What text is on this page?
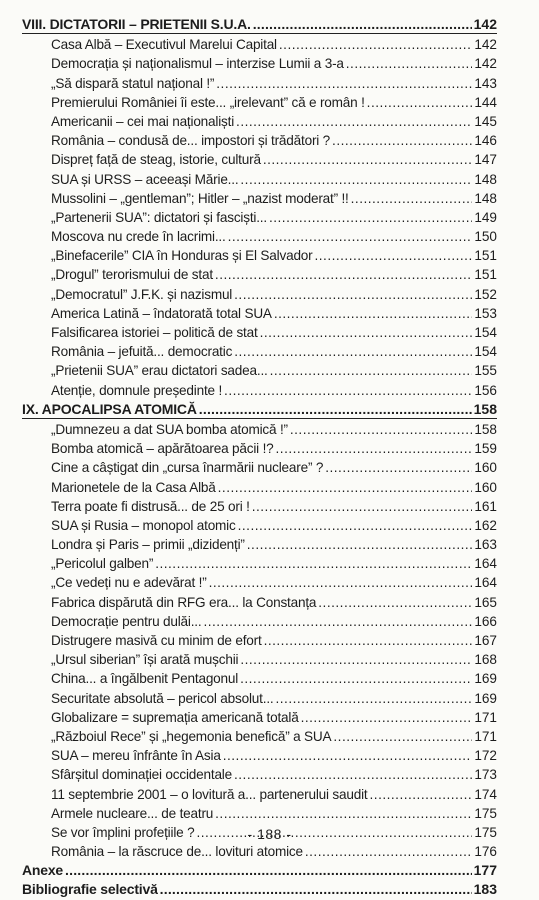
VIII. DICTATORII – PRIETENII S.U.A. .....	142
Casa Albă – Executivul Marelui Capital .....	142
Democrația și naționalismul – interzise Lumii a 3-a .....	142
„Să dispară statul național !” .....	143
Premierului României îi este... „irelevant” că e român ! .....	144
Americanii – cei mai naționaliști .....	145
România – condusă de... impostori și trădători ? .....	146
Dispreț față de steag, istorie, cultură .....	147
SUA și URSS – aceeași Mărie... .....	148
Mussolini – „gentleman”; Hitler – „nazist moderat” !! .....	148
„Partenerii SUA”: dictatori și fasciști... .....	149
Moscova nu crede în lacrimi... .....	150
„Binefacerile” CIA în Honduras și El Salvador .....	151
„Drogul” terorismului de stat .....	151
„Democratul” J.F.K. și nazismul .....	152
America Latină – îndatorată total SUA .....	153
Falsificarea istoriei – politică de stat .....	154
România – jefuită... democratic .....	154
„Prietenii SUA” erau dictatori sadea... .....	155
Atenție, domnule președinte ! .....	156
IX. APOCALIPSA ATOMICĂ .....	158
„Dumnezeu a dat SUA bomba atomică !” .....	158
Bomba atomică – apărătoarea păcii !? .....	159
Cine a câștigat din „cursa înarmării nucleare” ? .....	160
Marionetele de la Casa Albă .....	160
Terra poate fi distrusă... de 25 ori ! .....	161
SUA și Rusia – monopol atomic .....	162
Londra și Paris – primii „dizidenți” .....	163
„Pericolul galben” .....	164
„Ce vedeți nu e adevărat !” .....	164
Fabrica dispărută din RFG era... la Constanța .....	165
Democrație pentru dulăi... .....	166
Distrugere masivă cu minim de efort .....	167
„Ursul siberian” își arată mușchii .....	168
China... a îngălbenit Pentagonul .....	169
Securitate absolută – pericol absolut... .....	169
Globalizare = supremația americană totală .....	171
„Războiul Rece” și „hegemonia benefică” a SUA .....	171
SUA – mereu înfrânte în Asia .....	172
Sfârșitul dominației occidentale .....	173
11 septembrie 2001 – o lovitură a... partenerului saudit .....	174
Armele nucleare... de teatru .....	175
Se vor împlini profețiile ? .....	175
România – la răscruce de... lovituri atomice .....	176
Anexe .....	177
Bibliografie selectivă .....	183
- 188 -
